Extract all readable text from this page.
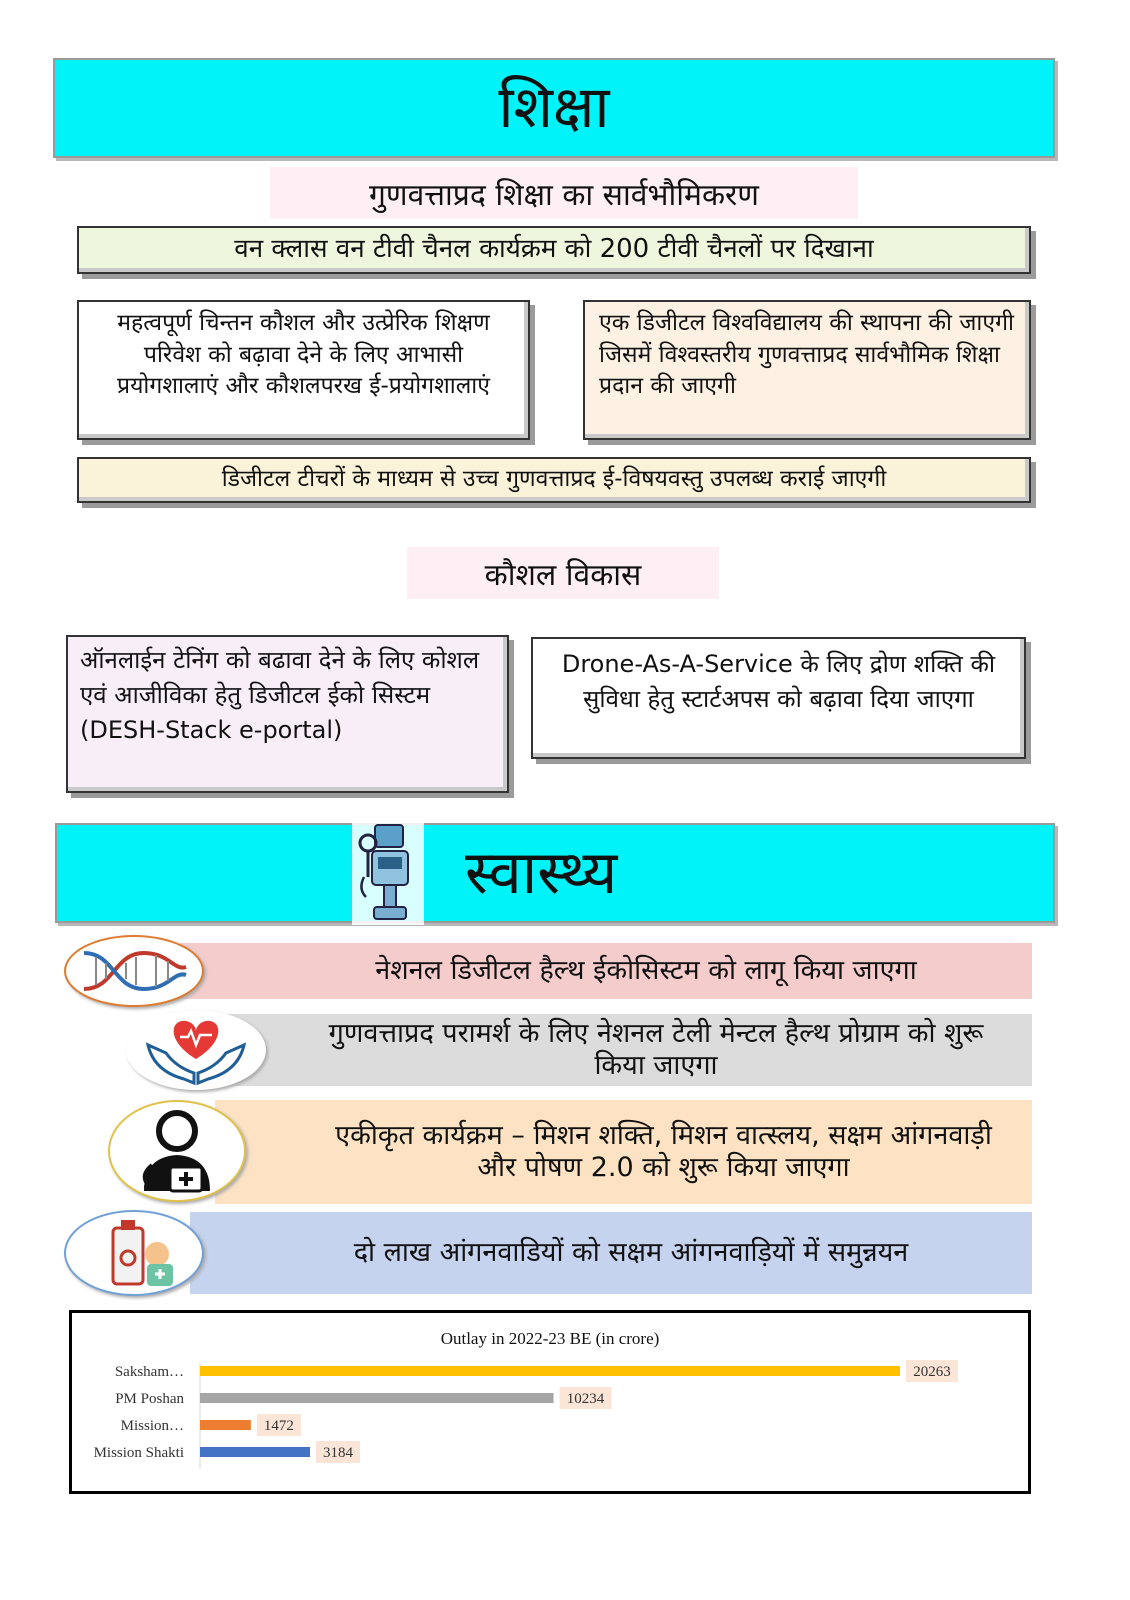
शिक्षा
गुणवत्ताप्रद शिक्षा का सार्वभौमिकरण
वन क्लास वन टीवी चैनल कार्यक्रम को 200 टीवी चैनलों पर दिखाना
महत्वपूर्ण चिन्तन कौशल और उत्प्रेरिक शिक्षण परिवेश को बढ़ावा देने के लिए आभासी प्रयोगशालाएं और कौशलपरख ई-प्रयोगशालाएं
एक डिजीटल विश्वविद्यालय की स्थापना की जाएगी जिसमें विश्वस्तरीय गुणवत्ताप्रद सार्वभौमिक शिक्षा प्रदान की जाएगी
डिजीटल टीचरों के माध्यम से उच्च गुणवत्ताप्रद ई-विषयवस्तु उपलब्ध कराई जाएगी
कौशल विकास
ऑनलाईन टेनिंग को बढावा देने के लिए कोशल एवं आजीविका हेतु डिजीटल ईको सिस्टम (DESH-Stack e-portal)
Drone-As-A-Service के लिए द्रोण शक्ति की सुविधा हेतु स्टार्टअपस को बढ़ावा दिया जाएगा
स्वास्थ्य
नेशनल डिजीटल हैल्थ ईकोसिस्टम को लागू किया जाएगा
गुणवत्ताप्रद परामर्श के लिए नेशनल टेली मेन्टल हैल्थ प्रोग्राम को शुरू किया जाएगा
एकीकृत कार्यक्रम – मिशन शक्ति, मिशन वात्स्लय, सक्षम आंगनवाड़ी और पोषण 2.0 को शुरू किया जाएगा
दो लाख आंगनवाडियों को सक्षम आंगनवाड़ियों में समुन्नयन
Outlay in 2022-23 BE (in crore)
Saksham…	20263
PM Poshan	10234
Mission…	1472
Mission Shakti	3184
